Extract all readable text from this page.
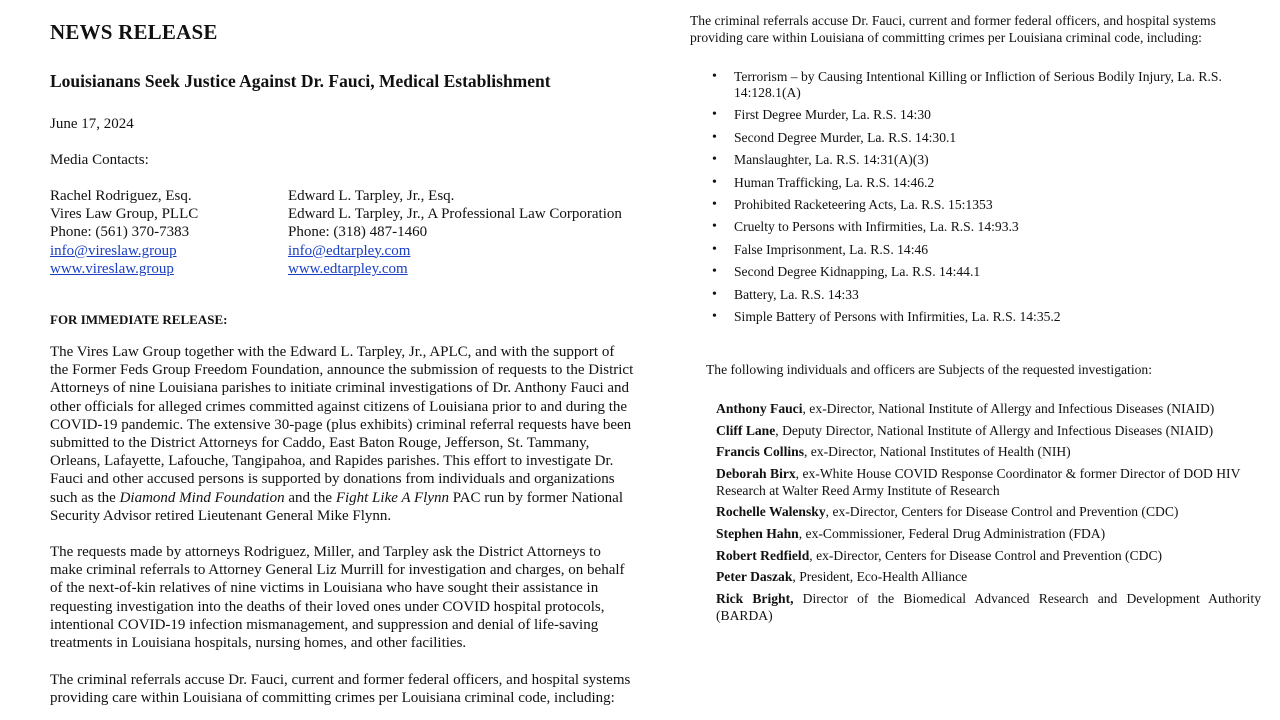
NEWS RELEASE
Louisianans Seek Justice Against Dr. Fauci, Medical Establishment
June 17, 2024
Media Contacts:
Rachel Rodriguez, Esq.
Vires Law Group, PLLC
Phone: (561) 370-7383
info@vireslaw.group
www.vireslaw.group
Edward L. Tarpley, Jr., Esq.
Edward L. Tarpley, Jr., A Professional Law Corporation
Phone: (318) 487-1460
info@edtarpley.com
www.edtarpley.com
FOR IMMEDIATE RELEASE:
The Vires Law Group together with the Edward L. Tarpley, Jr., APLC, and with the support of
the Former Feds Group Freedom Foundation, announce the submission of requests to the District
Attorneys of nine Louisiana parishes to initiate criminal investigations of Dr. Anthony Fauci and
other officials for alleged crimes committed against citizens of Louisiana prior to and during the
COVID-19 pandemic. The extensive 30-page (plus exhibits) criminal referral requests have been
submitted to the District Attorneys for Caddo, East Baton Rouge, Jefferson, St. Tammany,
Orleans, Lafayette, Lafouche, Tangipahoa, and Rapides parishes. This effort to investigate Dr.
Fauci and other accused persons is supported by donations from individuals and organizations
such as the Diamond Mind Foundation and the Fight Like A Flynn PAC run by former National
Security Advisor retired Lieutenant General Mike Flynn.
The requests made by attorneys Rodriguez, Miller, and Tarpley ask the District Attorneys to
make criminal referrals to Attorney General Liz Murrill for investigation and charges, on behalf
of the next-of-kin relatives of nine victims in Louisiana who have sought their assistance in
requesting investigation into the deaths of their loved ones under COVID hospital protocols,
intentional COVID-19 infection mismanagement, and suppression and denial of life-saving
treatments in Louisiana hospitals, nursing homes, and other facilities.
The criminal referrals accuse Dr. Fauci, current and former federal officers, and hospital systems
providing care within Louisiana of committing crimes per Louisiana criminal code, including:
The criminal referrals accuse Dr. Fauci, current and former federal officers, and hospital systems
providing care within Louisiana of committing crimes per Louisiana criminal code, including:
• Terrorism – by Causing Intentional Killing or Infliction of Serious Bodily Injury, La. R.S. 14:128.1(A)
• First Degree Murder, La. R.S. 14:30
• Second Degree Murder, La. R.S. 14:30.1
• Manslaughter, La. R.S. 14:31(A)(3)
• Human Trafficking, La. R.S. 14:46.2
• Prohibited Racketeering Acts, La. R.S. 15:1353
• Cruelty to Persons with Infirmities, La. R.S. 14:93.3
• False Imprisonment, La. R.S. 14:46
• Second Degree Kidnapping, La. R.S. 14:44.1
• Battery, La. R.S. 14:33
• Simple Battery of Persons with Infirmities, La. R.S. 14:35.2
The following individuals and officers are Subjects of the requested investigation:
Anthony Fauci, ex-Director, National Institute of Allergy and Infectious Diseases (NIAID)
Cliff Lane, Deputy Director, National Institute of Allergy and Infectious Diseases (NIAID)
Francis Collins, ex-Director, National Institutes of Health (NIH)
Deborah Birx, ex-White House COVID Response Coordinator & former Director of DOD HIV Research at Walter Reed Army Institute of Research
Rochelle Walensky, ex-Director, Centers for Disease Control and Prevention (CDC)
Stephen Hahn, ex-Commissioner, Federal Drug Administration (FDA)
Robert Redfield, ex-Director, Centers for Disease Control and Prevention (CDC)
Peter Daszak, President, Eco-Health Alliance
Rick Bright, Director of the Biomedical Advanced Research and Development Authority (BARDA)
